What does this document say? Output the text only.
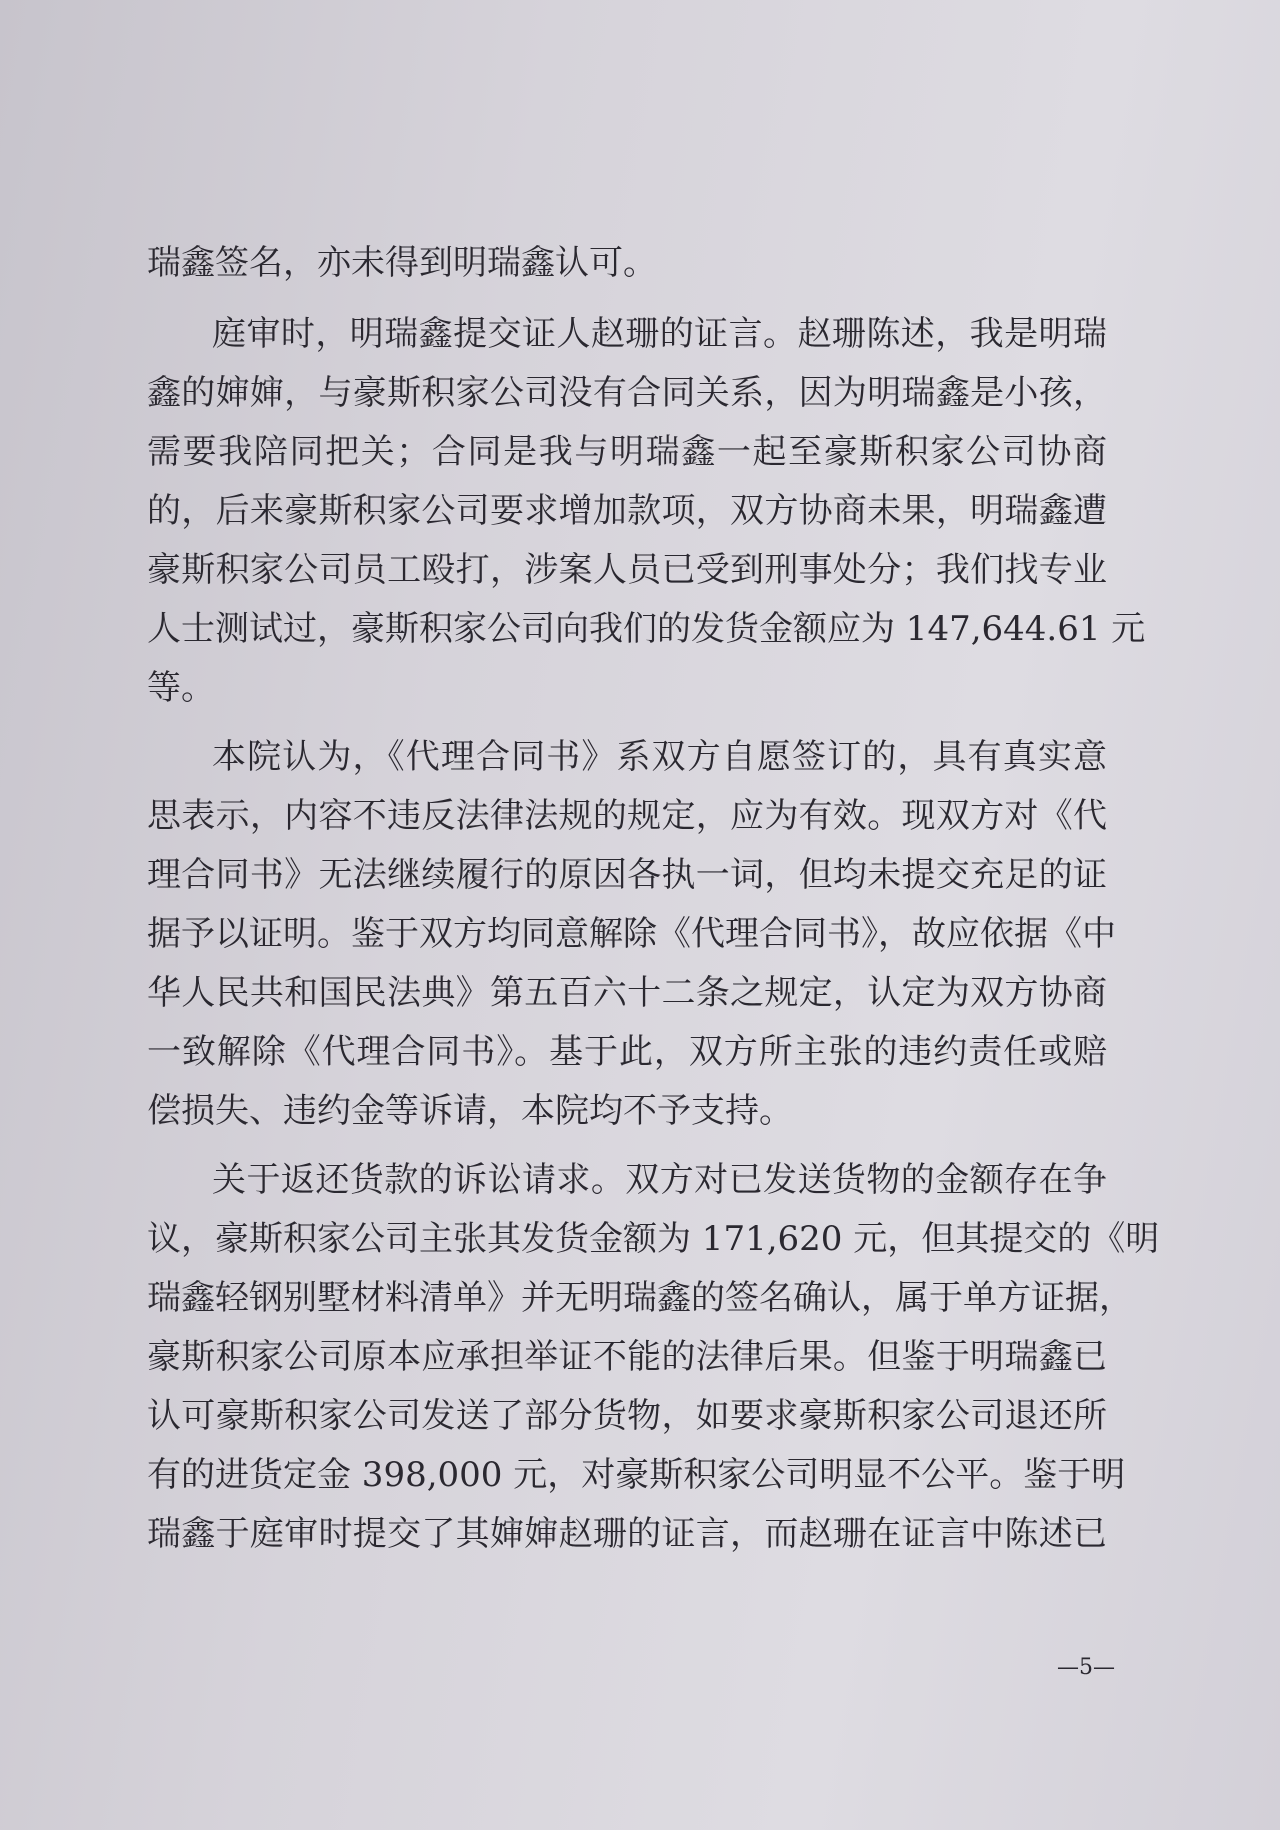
瑞鑫签名，亦未得到明瑞鑫认可。
庭审时，明瑞鑫提交证人赵珊的证言。赵珊陈述，我是明瑞
鑫的婶婶，与豪斯积家公司没有合同关系，因为明瑞鑫是小孩，
需要我陪同把关；合同是我与明瑞鑫一起至豪斯积家公司协商
的，后来豪斯积家公司要求增加款项，双方协商未果，明瑞鑫遭
豪斯积家公司员工殴打，涉案人员已受到刑事处分；我们找专业
人士测试过，豪斯积家公司向我们的发货金额应为 147,644.61 元
等。
本院认为，《代理合同书》系双方自愿签订的，具有真实意
思表示，内容不违反法律法规的规定，应为有效。现双方对《代
理合同书》无法继续履行的原因各执一词，但均未提交充足的证
据予以证明。鉴于双方均同意解除《代理合同书》，故应依据《中
华人民共和国民法典》第五百六十二条之规定，认定为双方协商
一致解除《代理合同书》。基于此，双方所主张的违约责任或赔
偿损失、违约金等诉请，本院均不予支持。
关于返还货款的诉讼请求。双方对已发送货物的金额存在争
议，豪斯积家公司主张其发货金额为 171,620 元，但其提交的《明
瑞鑫轻钢别墅材料清单》并无明瑞鑫的签名确认，属于单方证据，
豪斯积家公司原本应承担举证不能的法律后果。但鉴于明瑞鑫已
认可豪斯积家公司发送了部分货物，如要求豪斯积家公司退还所
有的进货定金 398,000 元，对豪斯积家公司明显不公平。鉴于明
瑞鑫于庭审时提交了其婶婶赵珊的证言，而赵珊在证言中陈述已
—5—
